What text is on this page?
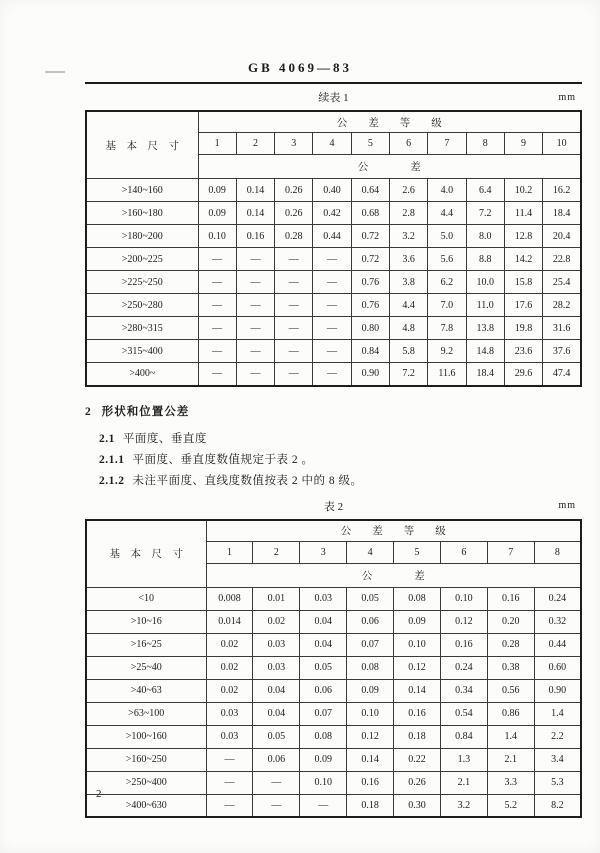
GB 4069—83
续表 1	mm
基　本　尺　寸	公　　差　　等　　级									
	1	2	3	4	5	6	7	8	9	10
	公　　　　差									
>140~160	0.09	0.14	0.26	0.40	0.64	2.6	4.0	6.4	10.2	16.2
>160~180	0.09	0.14	0.26	0.42	0.68	2.8	4.4	7.2	11.4	18.4
>180~200	0.10	0.16	0.28	0.44	0.72	3.2	5.0	8.0	12.8	20.4
>200~225	—	—	—	—	0.72	3.6	5.6	8.8	14.2	22.8
>225~250	—	—	—	—	0.76	3.8	6.2	10.0	15.8	25.4
>250~280	—	—	—	—	0.76	4.4	7.0	11.0	17.6	28.2
>280~315	—	—	—	—	0.80	4.8	7.8	13.8	19.8	31.6
>315~400	—	—	—	—	0.84	5.8	9.2	14.8	23.6	37.6
>400~	—	—	—	—	0.90	7.2	11.6	18.4	29.6	47.4
2 形状和位置公差
2.1 平面度、垂直度
2.1.1 平面度、垂直度数值规定于表 2 。
2.1.2 未注平面度、直线度数值按表 2 中的 8 级。
表 2	mm
基　本　尺　寸	公　　差　　等　　级							
	1	2	3	4	5	6	7	8
	公　　　　差							
<10	0.008	0.01	0.03	0.05	0.08	0.10	0.16	0.24
>10~16	0.014	0.02	0.04	0.06	0.09	0.12	0.20	0.32
>16~25	0.02	0.03	0.04	0.07	0.10	0.16	0.28	0.44
>25~40	0.02	0.03	0.05	0.08	0.12	0.24	0.38	0.60
>40~63	0.02	0.04	0.06	0.09	0.14	0.34	0.56	0.90
>63~100	0.03	0.04	0.07	0.10	0.16	0.54	0.86	1.4
>100~160	0.03	0.05	0.08	0.12	0.18	0.84	1.4	2.2
>160~250	—	0.06	0.09	0.14	0.22	1.3	2.1	3.4
>250~400	—	—	0.10	0.16	0.26	2.1	3.3	5.3
>400~630	—	—	—	0.18	0.30	3.2	5.2	8.2
2
